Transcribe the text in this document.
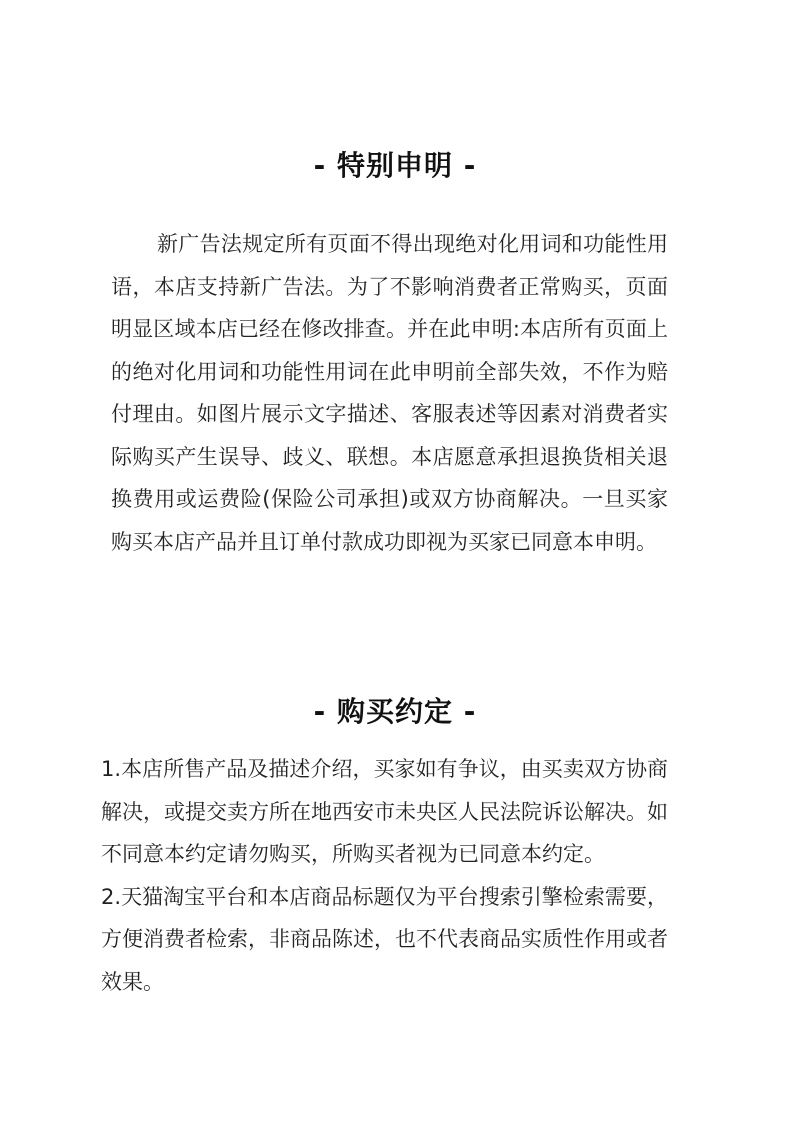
- 特别申明 -

新广告法规定所有页面不得出现绝对化用词和功能性用语，本店支持新广告法。为了不影响消费者正常购买，页面明显区域本店已经在修改排查。并在此申明:本店所有页面上的绝对化用词和功能性用词在此申明前全部失效，不作为赔付理由。如图片展示文字描述、客服表述等因素对消费者实际购买产生误导、歧义、联想。本店愿意承担退换货相关退换费用或运费险(保险公司承担)或双方协商解决。一旦买家购买本店产品并且订单付款成功即视为买家已同意本申明。

- 购买约定 -

1.本店所售产品及描述介绍，买家如有争议，由买卖双方协商解决，或提交卖方所在地西安市未央区人民法院诉讼解决。如不同意本约定请勿购买，所购买者视为已同意本约定。

2.天猫淘宝平台和本店商品标题仅为平台搜索引擎检索需要，方便消费者检索，非商品陈述，也不代表商品实质性作用或者效果。
